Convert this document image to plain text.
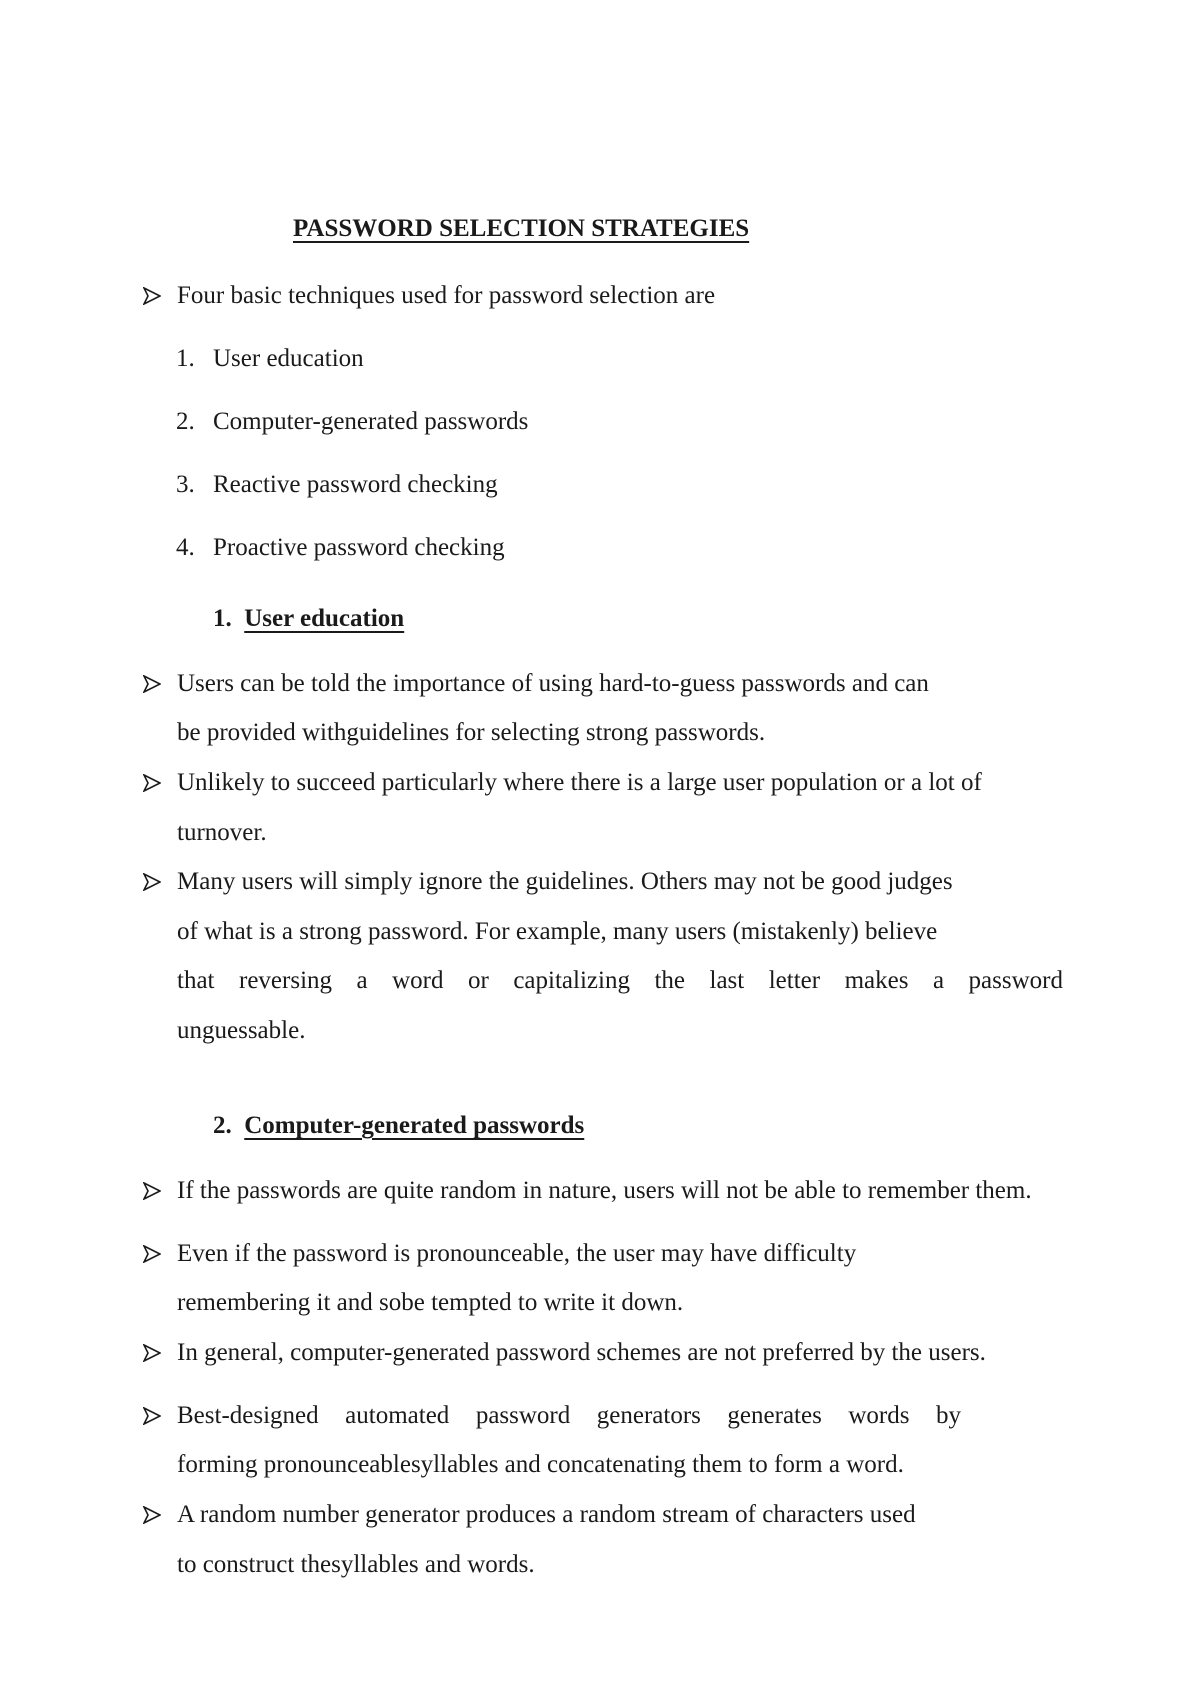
PASSWORD SELECTION STRATEGIES
Four basic techniques used for password selection are
1. User education
2. Computer-generated passwords
3. Reactive password checking
4. Proactive password checking
1. User education
Users can be told the importance of using hard-to-guess passwords and can
be provided withguidelines for selecting strong passwords.
Unlikely to succeed particularly where there is a large user population or a lot of
turnover.
Many users will simply ignore the guidelines. Others may not be good judges
of what is a strong password. For example, many users (mistakenly) believe
that reversing a word or capitalizing the last letter makes a password
unguessable.
2. Computer-generated passwords
If the passwords are quite random in nature, users will not be able to remember them.
Even if the password is pronounceable, the user may have difficulty
remembering it and sobe tempted to write it down.
In general, computer-generated password schemes are not preferred by the users.
Best-designed automated password generators generates words by
forming pronounceablesyllables and concatenating them to form a word.
A random number generator produces a random stream of characters used
to construct thesyllables and words.
